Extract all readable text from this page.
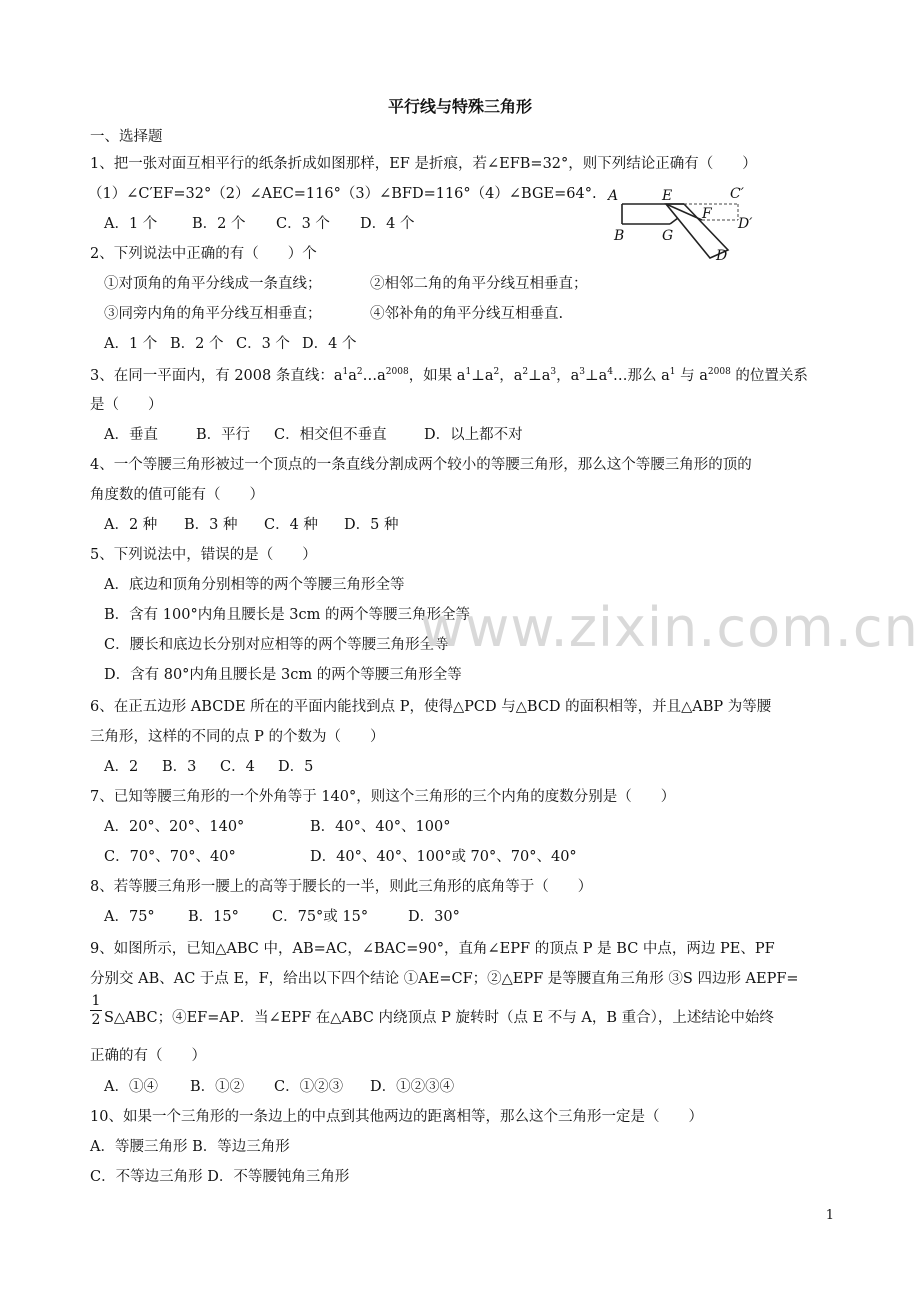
平行线与特殊三角形
一、选择题
1、把一张对面互相平行的纸条折成如图那样，EF 是折痕，若∠EFB=32°，则下列结论正确有（　　）
（1）∠C′EF=32°（2）∠AEC=116°（3）∠BFD=116°（4）∠BGE=64°.
A．1 个 B．2 个 C．3 个 D．4 个
A	E	C′
F
D′
B	G
D
2、下列说法中正确的有（　　）个
①对顶角的角平分线成一条直线；	②相邻二角的角平分线互相垂直；
③同旁内角的角平分线互相垂直；	④邻补角的角平分线互相垂直.
A．1 个 B．2 个 C．3 个 D．4 个
3、在同一平面内，有 2008 条直线：$a^1a^2\dots a^{2008}$，如果 $a^1\perp a^2$，$a^2\perp a^3$，$a^3\perp a^4\dots$那么 $a^1$ 与 $a^{2008}$ 的位置关系
是（　　）
A．垂直	B．平行 C．相交但不垂直	D．以上都不对
4、一个等腰三角形被过一个顶点的一条直线分割成两个较小的等腰三角形，那么这个等腰三角形的顶的
角度数的值可能有（　　）
A．2 种 B．3 种 C．4 种 D．5 种
5、下列说法中，错误的是（　　）
A．底边和顶角分别相等的两个等腰三角形全等
B．含有 100°内角且腰长是 3cm 的两个等腰三角形全等
C．腰长和底边长分别对应相等的两个等腰三角形全等
D．含有 80°内角且腰长是 3cm 的两个等腰三角形全等
6、在正五边形 ABCDE 所在的平面内能找到点 P，使得△PCD 与△BCD 的面积相等，并且△ABP 为等腰
三角形，这样的不同的点 P 的个数为（　　）
A．2 B．3 C．4 D．5
7、已知等腰三角形的一个外角等于 140°，则这个三角形的三个内角的度数分别是（　　）
A．20°、20°、140°	B．40°、40°、100°
C．70°、70°、40°	D．40°、40°、100°或 70°、70°、40°
8、若等腰三角形一腰上的高等于腰长的一半，则此三角形的底角等于（　　）
A．75° B．15° C．75°或 15°	D．30°
9、如图所示，已知△ABC 中，AB=AC，∠BAC=90°，直角∠EPF 的顶点 P 是 BC 中点，两边 PE、PF
分别交 AB、AC 于点 E，F，给出以下四个结论 ①AE=CF；②△EPF 是等腰直角三角形 ③S 四边形 AEPF=
1
2 S△ABC；④EF=AP．当∠EPF 在△ABC 内绕顶点 P 旋转时（点 E 不与 A，B 重合），上述结论中始终
正确的有（　　）
A．①④ B．①② C．①②③ D．①②③④
10、如果一个三角形的一条边上的中点到其他两边的距离相等，那么这个三角形一定是（　　）
A．等腰三角形 B．等边三角形
C．不等边三角形 D．不等腰钝角三角形
www.zixin.com.cn
1
